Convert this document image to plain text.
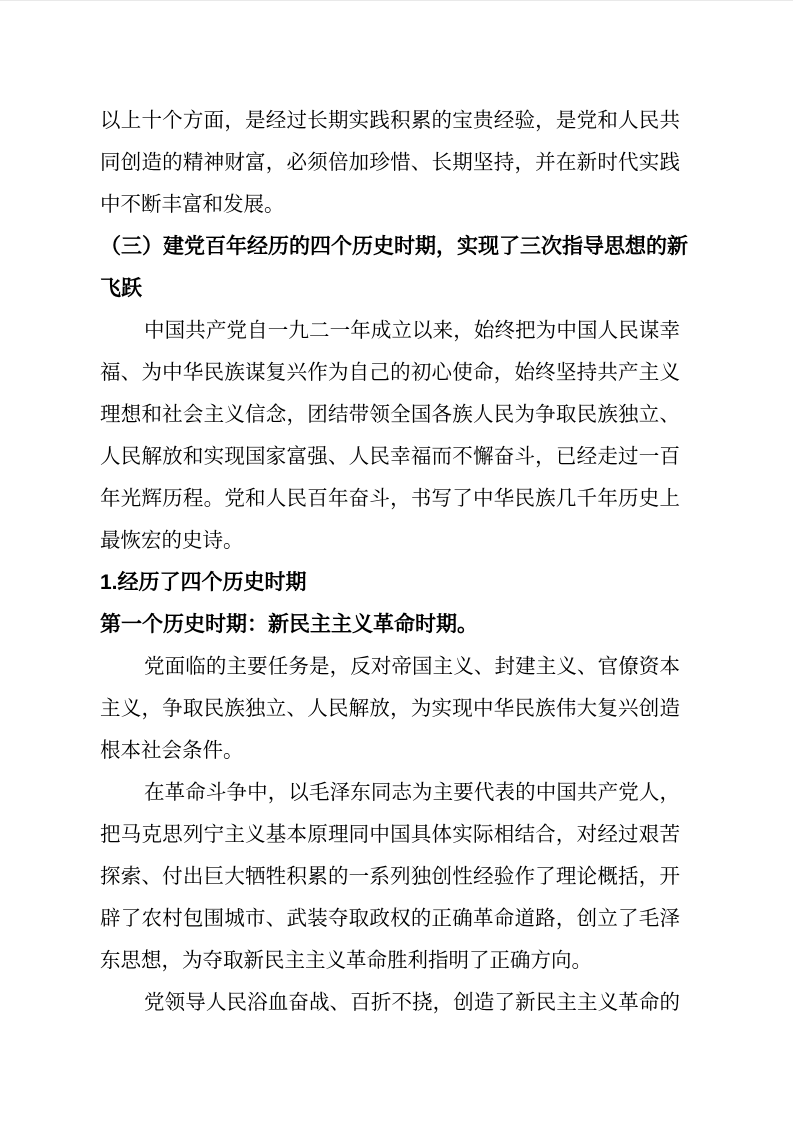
以上十个方面，是经过长期实践积累的宝贵经验，是党和人民共
同创造的精神财富，必须倍加珍惜、长期坚持，并在新时代实践
中不断丰富和发展。
（三）建党百年经历的四个历史时期，实现了三次指导思想的新
飞跃
中国共产党自一九二一年成立以来，始终把为中国人民谋幸
福、为中华民族谋复兴作为自己的初心使命，始终坚持共产主义
理想和社会主义信念，团结带领全国各族人民为争取民族独立、
人民解放和实现国家富强、人民幸福而不懈奋斗，已经走过一百
年光辉历程。党和人民百年奋斗，书写了中华民族几千年历史上
最恢宏的史诗。
1.经历了四个历史时期
第一个历史时期：新民主主义革命时期。
党面临的主要任务是，反对帝国主义、封建主义、官僚资本
主义，争取民族独立、人民解放，为实现中华民族伟大复兴创造
根本社会条件。
在革命斗争中，以毛泽东同志为主要代表的中国共产党人，
把马克思列宁主义基本原理同中国具体实际相结合，对经过艰苦
探索、付出巨大牺牲积累的一系列独创性经验作了理论概括，开
辟了农村包围城市、武装夺取政权的正确革命道路，创立了毛泽
东思想，为夺取新民主主义革命胜利指明了正确方向。
党领导人民浴血奋战、百折不挠，创造了新民主主义革命的
